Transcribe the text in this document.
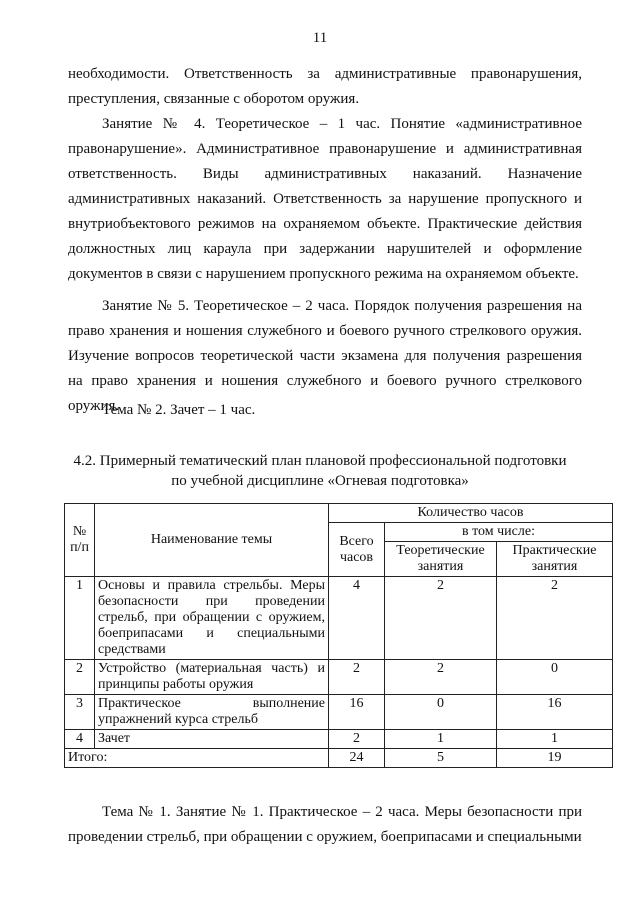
11

необходимости. Ответственность за административные правонарушения, преступления, связанные с оборотом оружия.

Занятие № 4. Теоретическое – 1 час. Понятие «административное правонарушение». Административное правонарушение и административная ответственность. Виды административных наказаний. Назначение административных наказаний. Ответственность за нарушение пропускного и внутриобъектового режимов на охраняемом объекте. Практические действия должностных лиц караула при задержании нарушителей и оформление документов в связи с нарушением пропускного режима на охраняемом объекте.

Занятие № 5. Теоретическое – 2 часа. Порядок получения разрешения на право хранения и ношения служебного и боевого ручного стрелкового оружия. Изучение вопросов теоретической части экзамена для получения разрешения на право хранения и ношения служебного и боевого ручного стрелкового оружия.

Тема № 2. Зачет – 1 час.

4.2. Примерный тематический план плановой профессиональной подготовки
по учебной дисциплине «Огневая подготовка»
№ п/п	Наименование темы	Количество часов		
		Всего часов	в том числе:	
			Теоретические занятия	Практические занятия
1	Основы и правила стрельбы. Меры безопасности при проведении стрельб, при обращении с оружием, боеприпасами и специальными средствами	4	2	2
2	Устройство (материальная часть) и принципы работы оружия	2	2	0
3	Практическое выполнение упражнений курса стрельб	16	0	16
4	Зачет	2	1	1
Итого:		24	5	19

Тема № 1. Занятие № 1. Практическое – 2 часа. Меры безопасности при проведении стрельб, при обращении с оружием, боеприпасами и специальными
